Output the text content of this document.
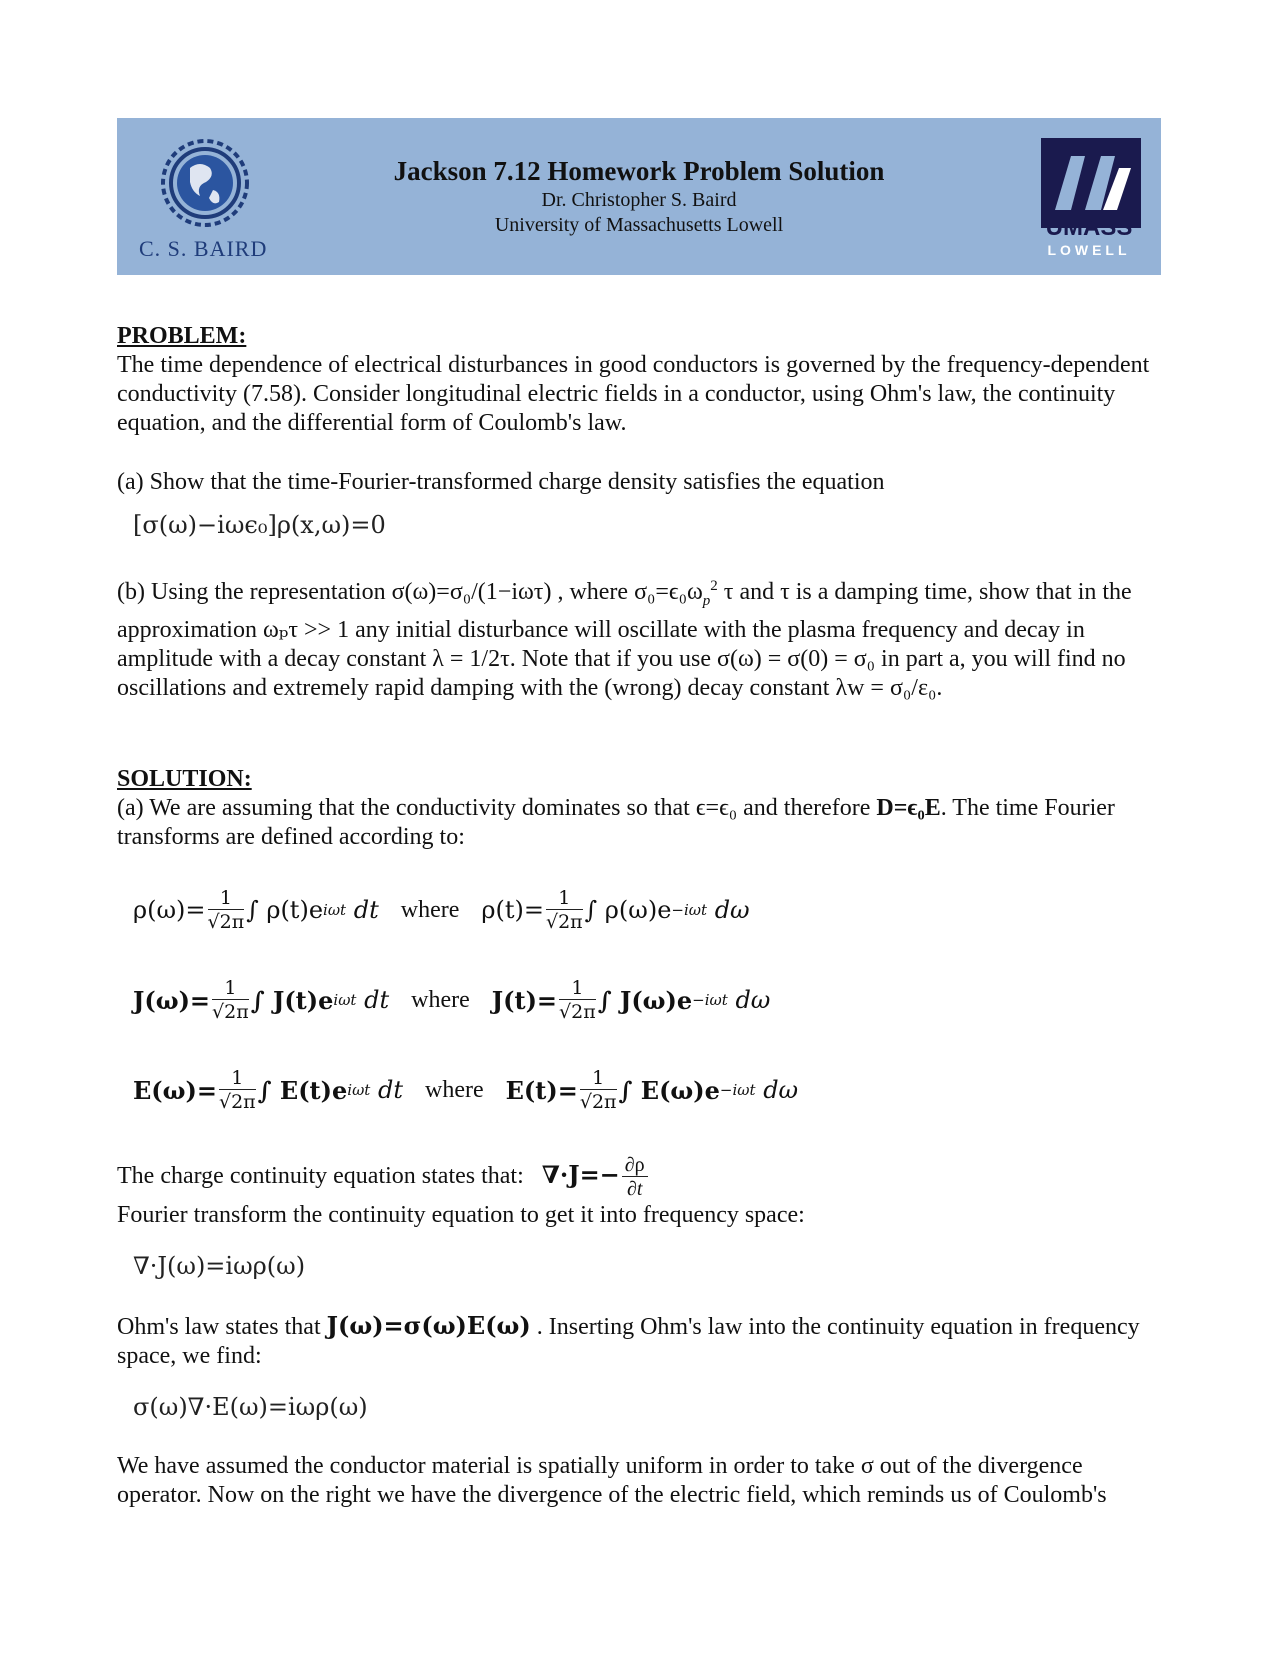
C. S. BAIRD
Jackson 7.12 Homework Problem Solution
Dr. Christopher S. Baird
University of Massachusetts Lowell	UMASS
LOWELL

PROBLEM:

The time dependence of electrical disturbances in good conductors is governed by the frequency-dependent conductivity (7.58). Consider longitudinal electric fields in a conductor, using Ohm's law, the continuity equation, and the differential form of Coulomb's law.

(a) Show that the time-Fourier-transformed charge density satisfies the equation

[σ(ω)−iωϵ₀]ρ(x,ω)=0

(b) Using the representation σ(ω)=σ₀/(1−iωτ) , where $\sigma_0=\epsilon_0\omega_p^2$ τ and τ is a damping time, show that in the approximation ωₚτ >> 1 any initial disturbance will oscillate with the plasma frequency and decay in amplitude with a decay constant λ = 1/2τ. Note that if you use σ(ω) = σ(0) = σ₀ in part a, you will find no oscillations and extremely rapid damping with the (wrong) decay constant λw = σ₀/ε₀.

SOLUTION:

(a) We are assuming that the conductivity dominates so that ϵ=ϵ₀ and therefore D=ϵ₀E. The time Fourier transforms are defined according to:

$\rho(\omega)= \frac{1}{√2\pi}$ ∫ ρ(t)e iωt
dt where $\rho(t)= \frac{1}{√2\pi}$ ∫ ρ(ω)e −iωt
dω
$J(\omega)= \frac{1}{√2\pi}$ ∫ J(t)e iωt
dt where $J(t)= \frac{1}{√2\pi}$ ∫ J(ω)e −iωt
dω
$E(\omega)= \frac{1}{√2\pi}$ ∫ E(t)e iωt
dt where $E(t)= \frac{1}{√2\pi}$ ∫ E(ω)e −iωt
dω

The charge continuity equation states that: $\nabla\cdot J=- \frac{\partial\rho}{\partial t}$

Fourier transform the continuity equation to get it into frequency space:

∇·J(ω)=iωρ(ω)

Ohm's law states that J(ω)=σ(ω)E(ω) . Inserting Ohm's law into the continuity equation in frequency space, we find:

σ(ω)∇·E(ω)=iωρ(ω)

We have assumed the conductor material is spatially uniform in order to take σ out of the divergence operator. Now on the right we have the divergence of the electric field, which reminds us of Coulomb's
